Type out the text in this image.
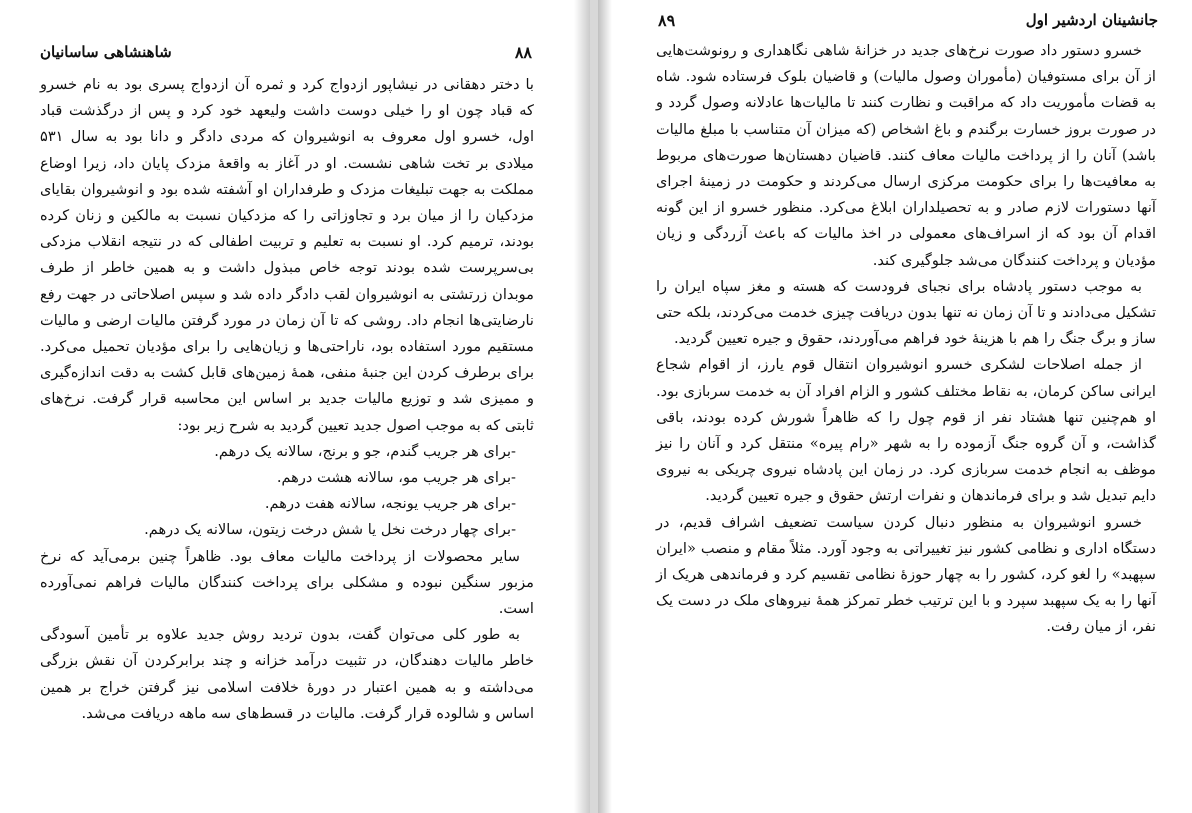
شاهنشاهی ساسانیان	۸۸

با دختر دهقانی در نیشاپور ازدواج کرد و ثمره آن ازدواج پسری بود به نام خسرو که قباد چون او را خیلی دوست داشت ولیعهد خود کرد و پس از درگذشت قباد اول، خسرو اول معروف به انوشیروان که مردی دادگر و دانا بود به سال ۵۳۱ میلادی بر تخت شاهی نشست. او در آغاز به واقعهٔ مزدک پایان داد، زیرا اوضاع مملکت به جهت تبلیغات مزدک و طرفداران او آشفته شده بود و انوشیروان بقایای مزدکیان را از میان برد و تجاوزاتی را که مزدکیان نسبت به مالکین و زنان کرده بودند، ترمیم کرد. او نسبت به تعلیم و تربیت اطفالی که در نتیجه انقلاب مزدکی بی‌سرپرست شده بودند توجه خاص مبذول داشت و به همین خاطر از طرف موبدان زرتشتی به انوشیروان لقب دادگر داده شد و سپس اصلاحاتی در جهت رفع نارضایتی‌ها انجام داد. روشی که تا آن زمان در مورد گرفتن مالیات ارضی و مالیات مستقیم مورد استفاده بود، ناراحتی‌ها و زیان‌هایی را برای مؤدیان تحمیل می‌کرد. برای برطرف کردن این جنبهٔ منفی، همهٔ زمین‌های قابل کشت به دقت اندازه‌گیری و ممیزی شد و توزیع مالیات جدید بر اساس این محاسبه قرار گرفت. نرخ‌های ثابتی که به موجب اصول جدید تعیین گردید به شرح زیر بود:

-برای هر جریب گندم، جو و برنج، سالانه یک درهم.
-برای هر جریب مو، سالانه هشت درهم.
-برای هر جریب یونجه، سالانه هفت درهم.
-برای چهار درخت نخل یا شش درخت زیتون، سالانه یک درهم.

سایر محصولات از پرداخت مالیات معاف بود. ظاهراً چنین برمی‌آید که نرخ مزبور سنگین نبوده و مشکلی برای پرداخت کنندگان مالیات فراهم نمی‌آورده است.

به طور کلی می‌توان گفت، بدون تردید روش جدید علاوه بر تأمین آسودگی خاطر مالیات دهندگان، در تثبیت درآمد خزانه و چند برابرکردن آن نقش بزرگی می‌داشته و به همین اعتبار در دورهٔ خلافت اسلامی نیز گرفتن خراج بر همین اساس و شالوده قرار گرفت. مالیات در قسط‌های سه ماهه دریافت می‌شد.

۸۹	جانشینان اردشیر اول

خسرو دستور داد صورت نرخ‌های جدید در خزانهٔ شاهی نگاهداری و رونوشت‌هایی از آن برای مستوفیان (مأموران وصول مالیات) و قاضیان بلوک فرستاده شود. شاه به قضات مأموریت داد که مراقبت و نظارت کنند تا مالیات‌ها عادلانه وصول گردد و در صورت بروز خسارت برگندم و باغ اشخاص (که میزان آن متناسب با مبلغ مالیات باشد) آنان را از پرداخت مالیات معاف کنند. قاضیان دهستان‌ها صورت‌های مربوط به معافیت‌ها را برای حکومت مرکزی ارسال می‌کردند و حکومت در زمینهٔ اجرای آنها دستورات لازم صادر و به تحصیلداران ابلاغ می‌کرد. منظور خسرو از این گونه اقدام آن بود که از اسراف‌های معمولی در اخذ مالیات که باعث آزردگی و زیان مؤدیان و پرداخت کنندگان می‌شد جلوگیری کند.

به موجب دستور پادشاه برای نجبای فرودست که هسته و مغز سپاه ایران را تشکیل می‌دادند و تا آن زمان نه تنها بدون دریافت چیزی خدمت می‌کردند، بلکه حتی ساز و برگ جنگ را هم با هزینهٔ خود فراهم می‌آوردند، حقوق و جیره تعیین گردید.

از جمله اصلاحات لشکری خسرو انوشیروان انتقال قوم یارز، از اقوام شجاع ایرانی ساکن کرمان، به نقاط مختلف کشور و الزام افراد آن به خدمت سربازی بود. او هم‌چنین تنها هشتاد نفر از قوم چول را که ظاهراً شورش کرده بودند، باقی گذاشت، و آن گروه جنگ آزموده را به شهر «رام پیره» منتقل کرد و آنان را نیز موظف به انجام خدمت سربازی کرد. در زمان این پادشاه نیروی چریکی به نیروی دایم تبدیل شد و برای فرماندهان و نفرات ارتش حقوق و جیره تعیین گردید.

خسرو انوشیروان به منظور دنبال کردن سیاست تضعیف اشراف قدیم، در دستگاه اداری و نظامی کشور نیز تغییراتی به وجود آورد. مثلاً مقام و منصب «ایران سپهبد» را لغو کرد، کشور را به چهار حوزهٔ نظامی تقسیم کرد و فرماندهی هریک از آنها را به یک سپهبد سپرد و با این ترتیب خطر تمرکز همهٔ نیروهای ملک در دست یک نفر، از میان رفت.
